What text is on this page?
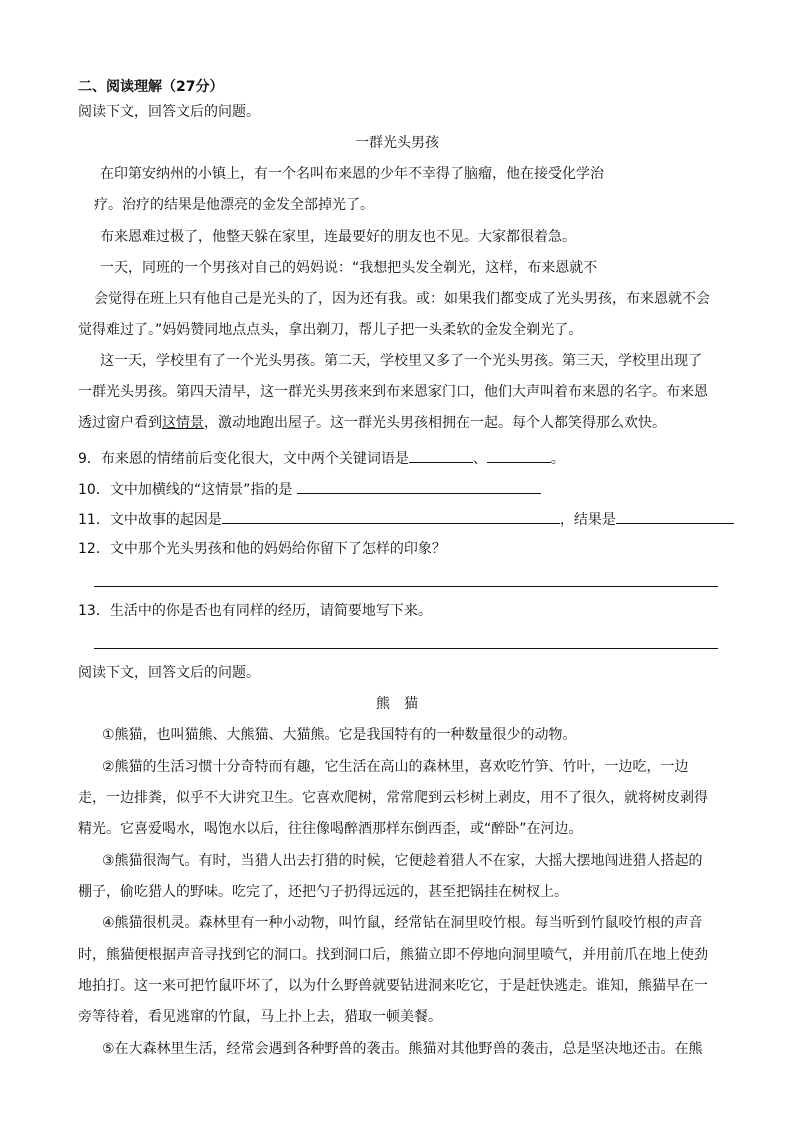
二、阅读理解（27分）
阅读下文，回答文后的问题。
一群光头男孩
在印第安纳州的小镇上，有一个名叫布来恩的少年不幸得了脑瘤，他在接受化学治
疗。治疗的结果是他漂亮的金发全部掉光了。
布来恩难过极了，他整天躲在家里，连最要好的朋友也不见。大家都很着急。
一天，同班的一个男孩对自己的妈妈说：“我想把头发全剃光，这样，布来恩就不
会觉得在班上只有他自己是光头的了，因为还有我。或：如果我们都变成了光头男孩，布来恩就不会
觉得难过了。”妈妈赞同地点点头，拿出剃刀，帮儿子把一头柔软的金发全剃光了。
这一天，学校里有了一个光头男孩。第二天，学校里又多了一个光头男孩。第三天，学校里出现了
一群光头男孩。第四天清早，这一群光头男孩来到布来恩家门口，他们大声叫着布来恩的名字。布来恩
透过窗户看到这情景，激动地跑出屋子。这一群光头男孩相拥在一起。每个人都笑得那么欢快。
9．布来恩的情绪前后变化很大，文中两个关键词语是	、	。
10．文中加横线的“这情景”指的是
11．文中故事的起因是	，结果是
12．文中那个光头男孩和他的妈妈给你留下了怎样的印象？
13．生活中的你是否也有同样的经历，请简要地写下来。
阅读下文，回答文后的问题。
熊　猫
①熊猫，也叫猫熊、大熊猫、大猫熊。它是我国特有的一种数量很少的动物。
②熊猫的生活习惯十分奇特而有趣，它生活在高山的森林里，喜欢吃竹笋、竹叶，一边吃，一边
走，一边排粪，似乎不大讲究卫生。它喜欢爬树，常常爬到云杉树上剥皮，用不了很久，就将树皮剥得
精光。它喜爱喝水，喝饱水以后，往往像喝醉酒那样东倒西歪，或“醉卧”在河边。
③熊猫很淘气。有时，当猎人出去打猎的时候，它便趁着猎人不在家，大摇大摆地闯进猎人搭起的
棚子，偷吃猎人的野味。吃完了，还把勺子扔得远远的，甚至把锅挂在树杈上。
④熊猫很机灵。森林里有一种小动物，叫竹鼠，经常钻在洞里咬竹根。每当听到竹鼠咬竹根的声音
时，熊猫便根据声音寻找到它的洞口。找到洞口后，熊猫立即不停地向洞里喷气，并用前爪在地上使劲
地拍打。这一来可把竹鼠吓坏了，以为什么野兽就要钻进洞来吃它，于是赶快逃走。谁知，熊猫早在一
旁等待着，看见逃窜的竹鼠，马上扑上去，猎取一顿美餐。
⑤在大森林里生活，经常会遇到各种野兽的袭击。熊猫对其他野兽的袭击，总是坚决地还击。在熊
